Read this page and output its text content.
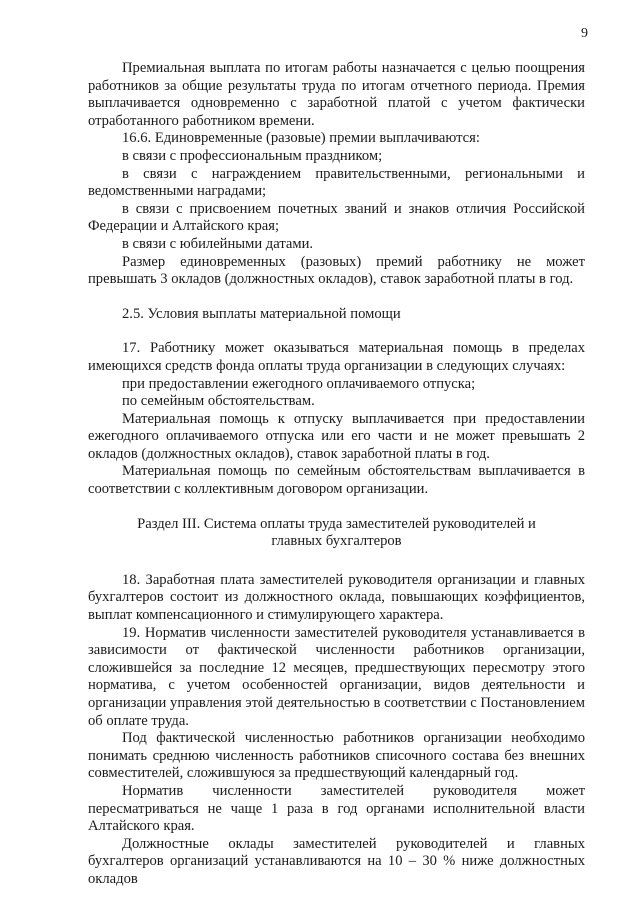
9

Премиальная выплата по итогам работы назначается с целью поощрения работников за общие результаты труда по итогам отчетного периода. Премия выплачивается одновременно с заработной платой с учетом фактически отработанного работником времени.

16.6. Единовременные (разовые) премии выплачиваются:

в связи с профессиональным праздником;

в связи с награждением правительственными, региональными и ведомственными наградами;

в связи с присвоением почетных званий и знаков отличия Российской Федерации и Алтайского края;

в связи с юбилейными датами.

Размер единовременных (разовых) премий работнику не может превышать 3 окладов (должностных окладов), ставок заработной платы в год.

2.5. Условия выплаты материальной помощи

17. Работнику может оказываться материальная помощь в пределах имеющихся средств фонда оплаты труда организации в следующих случаях:

при предоставлении ежегодного оплачиваемого отпуска;

по семейным обстоятельствам.

Материальная помощь к отпуску выплачивается при предоставлении ежегодного оплачиваемого отпуска или его части и не может превышать 2 окладов (должностных окладов), ставок заработной платы в год.

Материальная помощь по семейным обстоятельствам выплачивается в соответствии с коллективным договором организации.

Раздел III. Система оплаты труда заместителей руководителей и
главных бухгалтеров

18. Заработная плата заместителей руководителя организации и главных бухгалтеров состоит из должностного оклада, повышающих коэффициентов, выплат компенсационного и стимулирующего характера.

19. Норматив численности заместителей руководителя устанавливается в зависимости от фактической численности работников организации, сложившейся за последние 12 месяцев, предшествующих пересмотру этого норматива, с учетом особенностей организации, видов деятельности и организации управления этой деятельностью в соответствии с Постановлением об оплате труда.

Под фактической численностью работников организации необходимо понимать среднюю численность работников списочного состава без внешних совместителей, сложившуюся за предшествующий календарный год.

Норматив численности заместителей руководителя может пересматриваться не чаще 1 раза в год органами исполнительной власти Алтайского края.

Должностные оклады заместителей руководителей и главных бухгалтеров организаций устанавливаются на 10 – 30 % ниже должностных окладов
